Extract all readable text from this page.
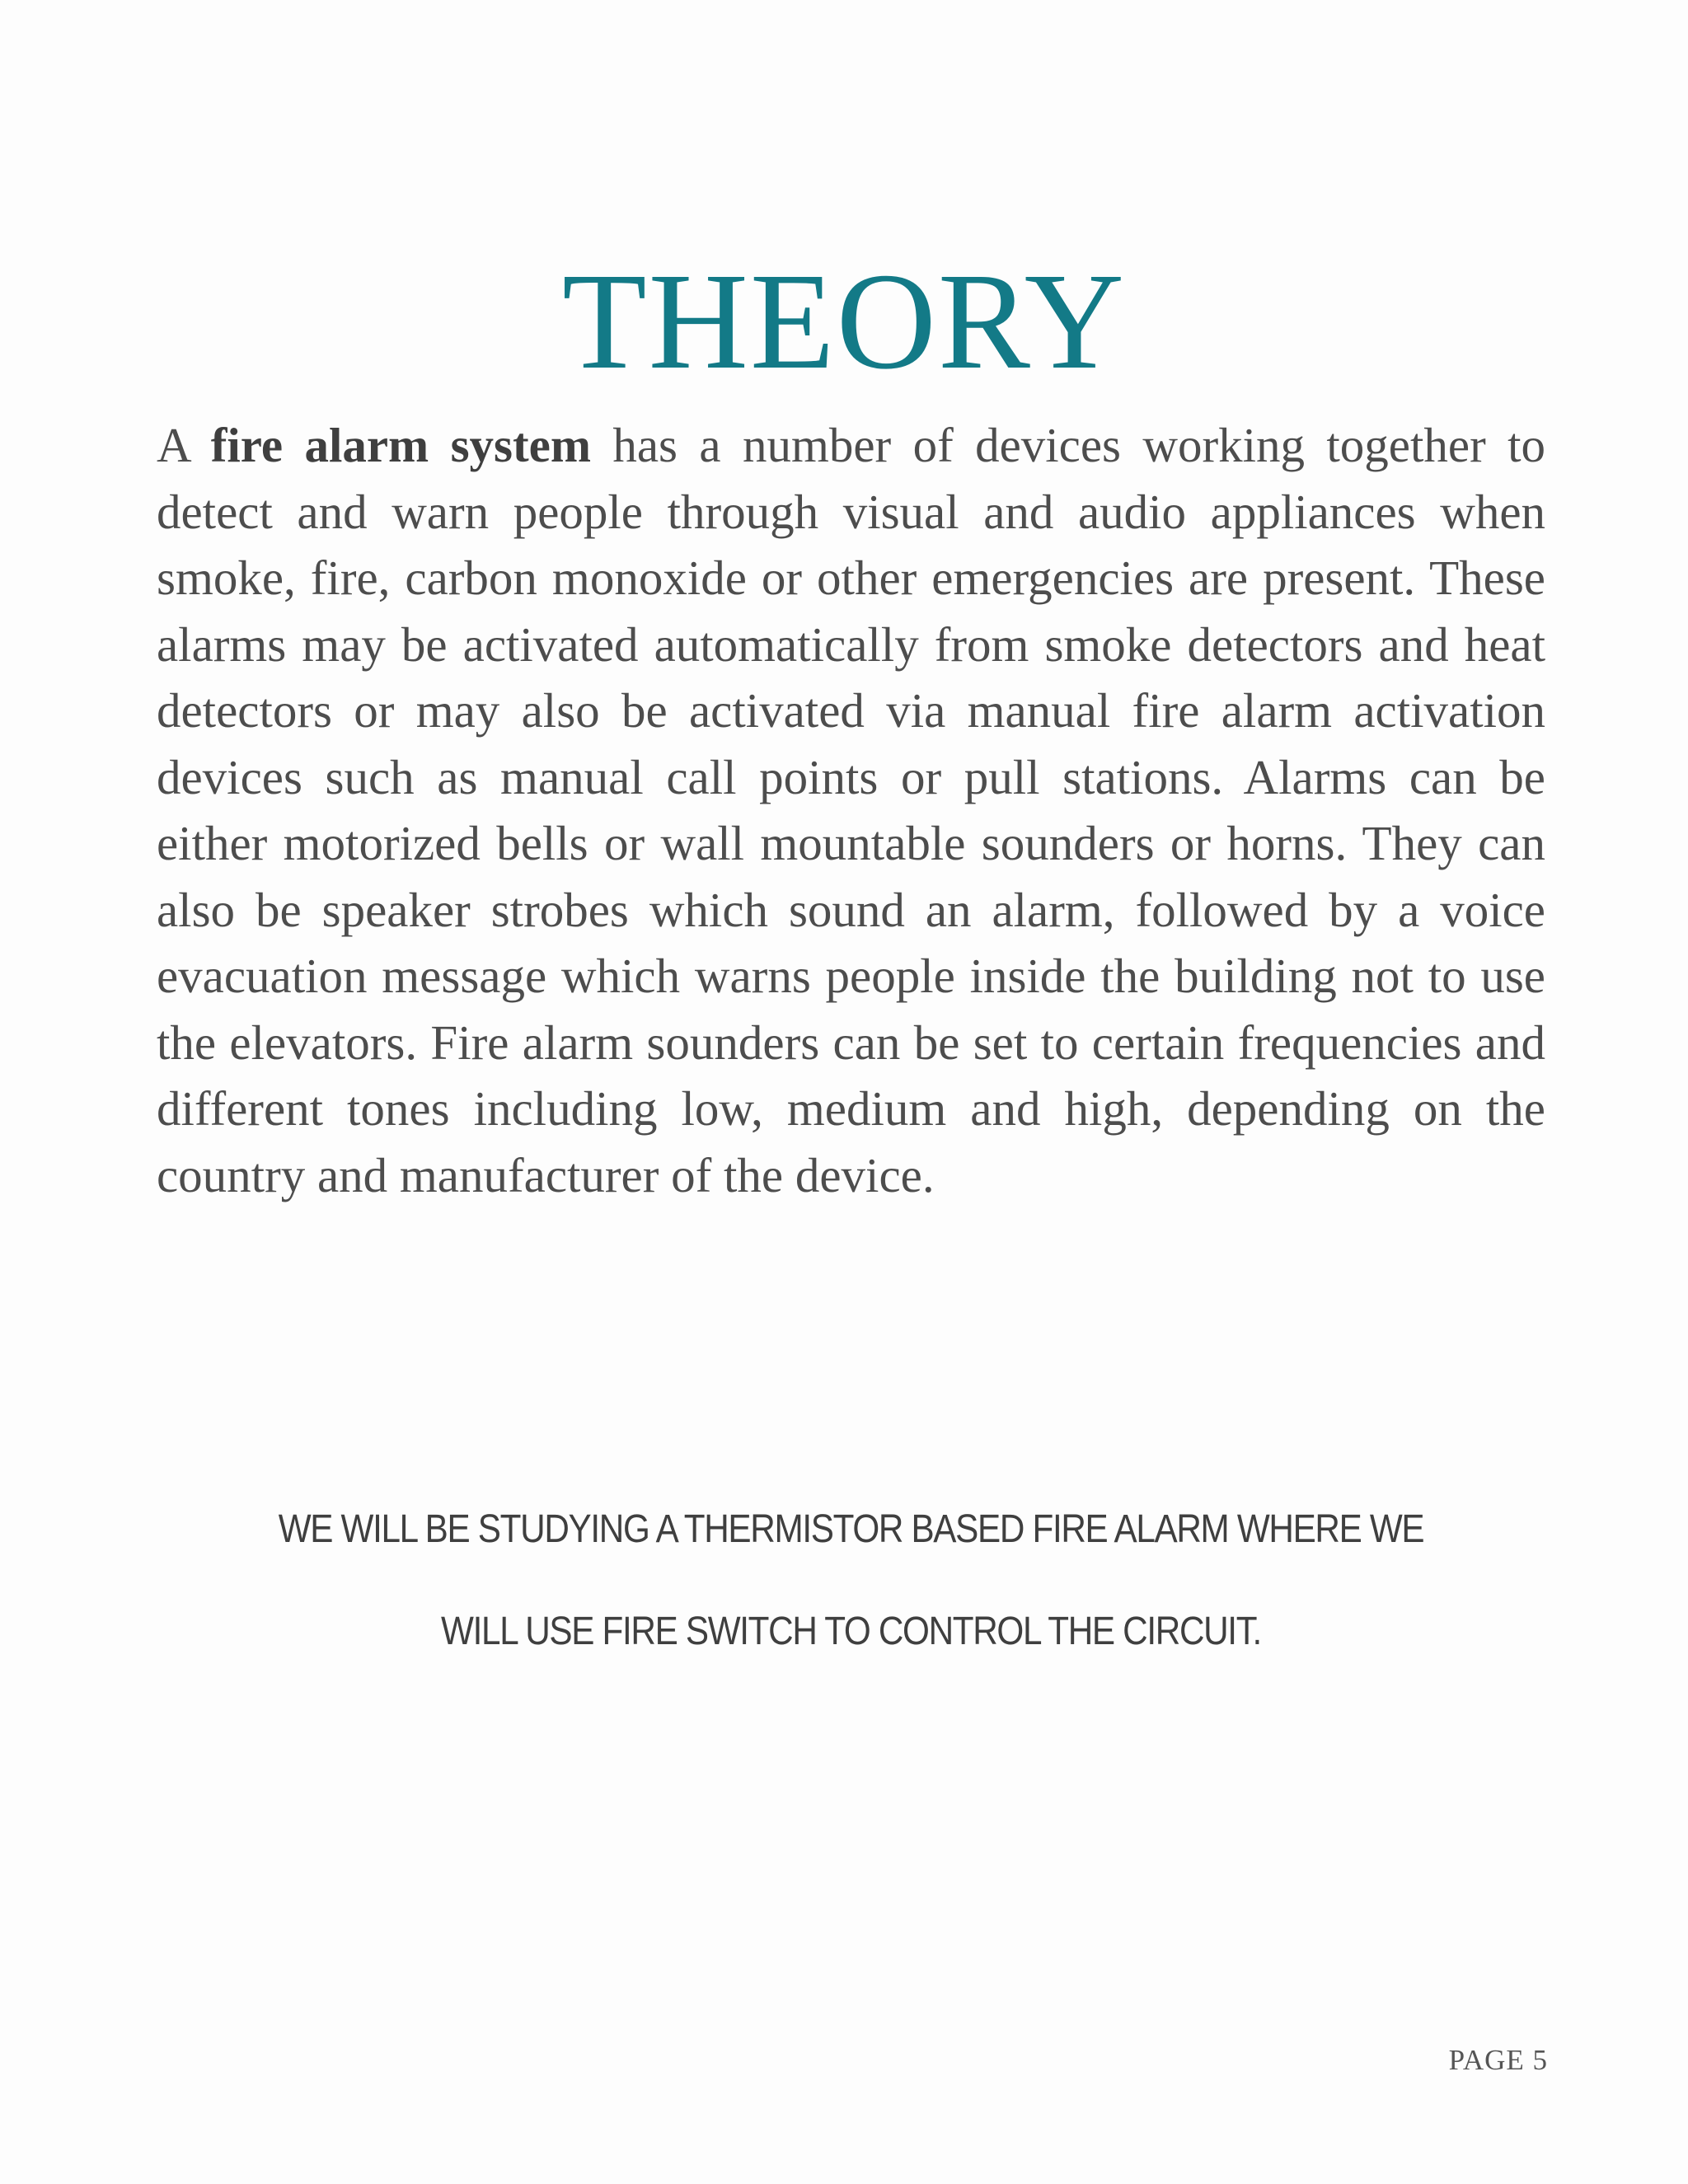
THEORY

A fire alarm system has a number of devices working together to detect and warn people through visual and audio appliances when smoke, fire, carbon monoxide or other emergencies are present. These alarms may be activated automatically from smoke detectors and heat detectors or may also be activated via manual fire alarm activation devices such as manual call points or pull stations. Alarms can be either motorized bells or wall mountable sounders or horns. They can also be speaker strobes which sound an alarm, followed by a voice evacuation message which warns people inside the building not to use the elevators. Fire alarm sounders can be set to certain frequencies and different tones including low, medium and high, depending on the country and manufacturer of the device.

WE WILL BE STUDYING A THERMISTOR BASED FIRE ALARM WHERE WE

WILL USE FIRE SWITCH TO CONTROL THE CIRCUIT.

PAGE 5
